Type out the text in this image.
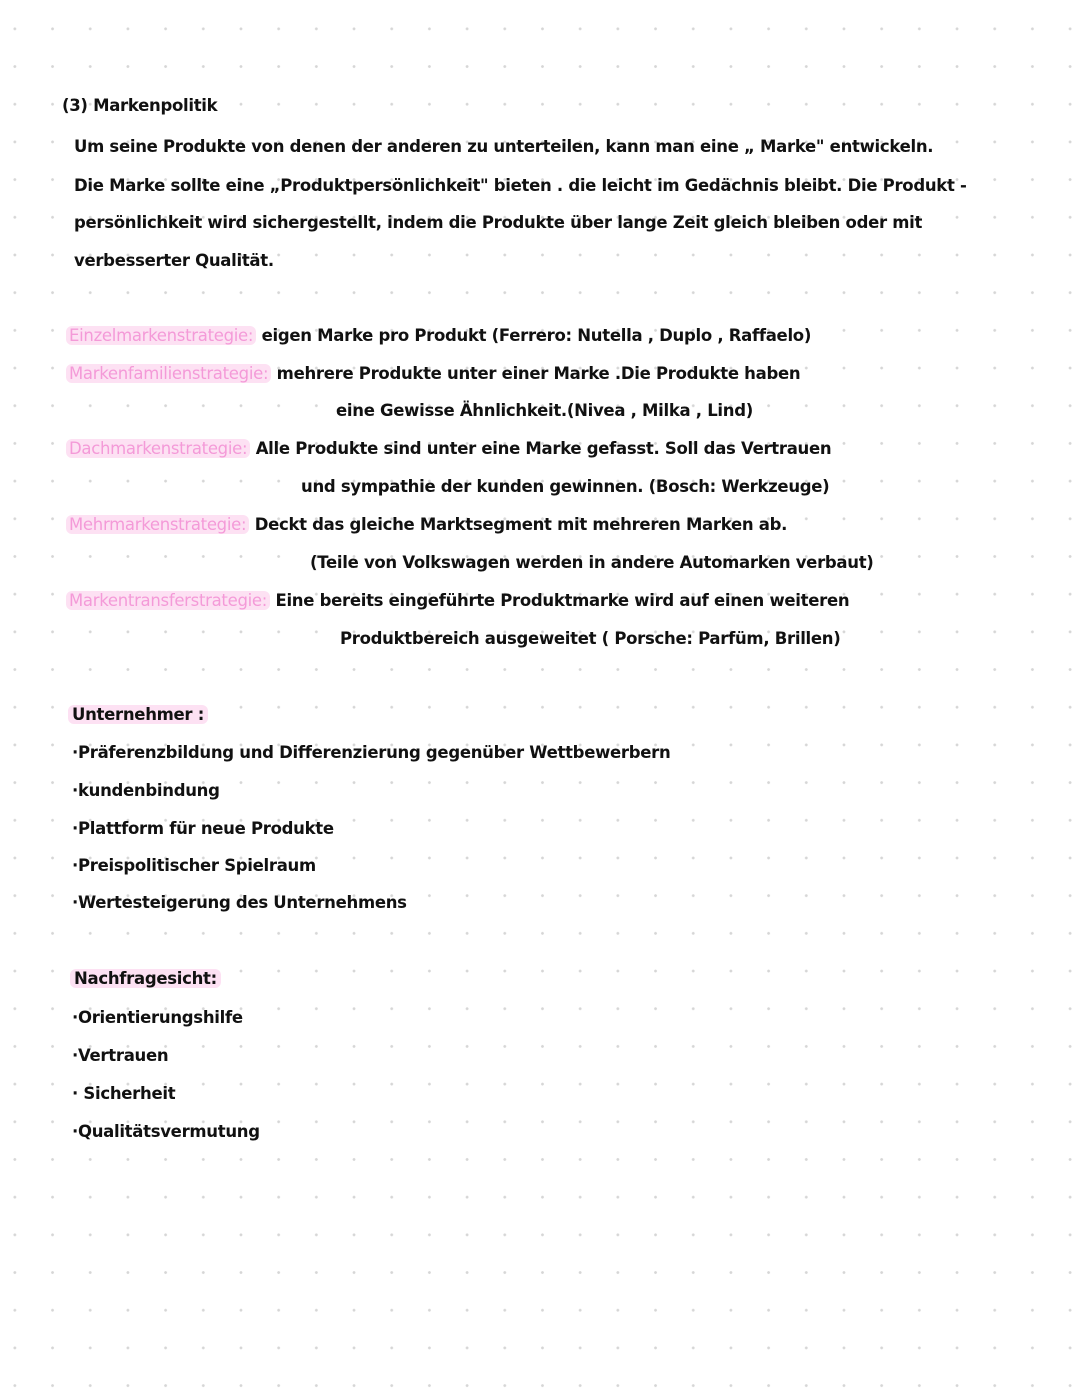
(3) Markenpolitik
Um seine Produkte von denen der anderen zu unterteilen, kann man eine „ Marke" entwickeln.
Die Marke sollte eine „Produktpersönlichkeit" bieten . die leicht im Gedächnis bleibt. Die Produkt -
persönlichkeit wird sichergestellt, indem die Produkte über lange Zeit gleich bleiben oder mit
verbesserter Qualität.
Einzelmarkenstrategie: eigen Marke pro Produkt (Ferrero: Nutella , Duplo , Raffaelo)
Markenfamilienstrategie: mehrere Produkte unter einer Marke .Die Produkte haben
eine Gewisse Ähnlichkeit.(Nivea , Milka , Lind)
Dachmarkenstrategie: Alle Produkte sind unter eine Marke gefasst. Soll das Vertrauen
und sympathie der kunden gewinnen. (Bosch: Werkzeuge)
Mehrmarkenstrategie: Deckt das gleiche Marktsegment mit mehreren Marken ab.
(Teile von Volkswagen werden in andere Automarken verbaut)
Markentransferstrategie: Eine bereits eingeführte Produktmarke wird auf einen weiteren
Produktbereich ausgeweitet ( Porsche: Parfüm, Brillen)
Unternehmer :
·Präferenzbildung und Differenzierung gegenüber Wettbewerbern
·kundenbindung
·Plattform für neue Produkte
·Preispolitischer Spielraum
·Wertesteigerung des Unternehmens
Nachfragesicht:
·Orientierungshilfe
·Vertrauen
· Sicherheit
·Qualitätsvermutung
